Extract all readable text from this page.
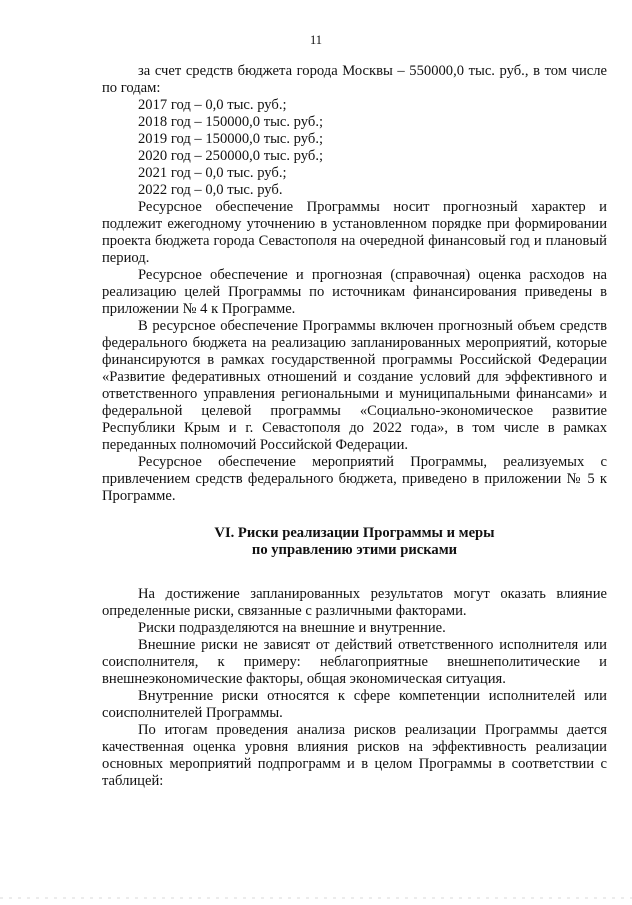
11

за счет средств бюджета города Москвы – 550000,0 тыс. руб., в том числе по годам:

2017 год – 0,0 тыс. руб.;
2018 год – 150000,0 тыс. руб.;
2019 год – 150000,0 тыс. руб.;
2020 год – 250000,0 тыс. руб.;
2021 год – 0,0 тыс. руб.;
2022 год – 0,0 тыс. руб.

Ресурсное обеспечение Программы носит прогнозный характер и подлежит ежегодному уточнению в установленном порядке при формировании проекта бюджета города Севастополя на очередной финансовый год и плановый период.

Ресурсное обеспечение и прогнозная (справочная) оценка расходов на реализацию целей Программы по источникам финансирования приведены в приложении № 4 к Программе.

В ресурсное обеспечение Программы включен прогнозный объем средств федерального бюджета на реализацию запланированных мероприятий, которые финансируются в рамках государственной программы Российской Федерации «Развитие федеративных отношений и создание условий для эффективного и ответственного управления региональными и муниципальными финансами» и федеральной целевой программы «Социально-экономическое развитие Республики Крым и г. Севастополя до 2022 года», в том числе в рамках переданных полномочий Российской Федерации.

Ресурсное обеспечение мероприятий Программы, реализуемых с привлечением средств федерального бюджета, приведено в приложении № 5 к Программе.

VI. Риски реализации Программы и меры
по управлению этими рисками

На достижение запланированных результатов могут оказать влияние определенные риски, связанные с различными факторами.

Риски подразделяются на внешние и внутренние.

Внешние риски не зависят от действий ответственного исполнителя или соисполнителя, к примеру: неблагоприятные внешнеполитические и внешнеэкономические факторы, общая экономическая ситуация.

Внутренние риски относятся к сфере компетенции исполнителей или соисполнителей Программы.

По итогам проведения анализа рисков реализации Программы дается качественная оценка уровня влияния рисков на эффективность реализации основных мероприятий подпрограмм и в целом Программы в соответствии с таблицей:
